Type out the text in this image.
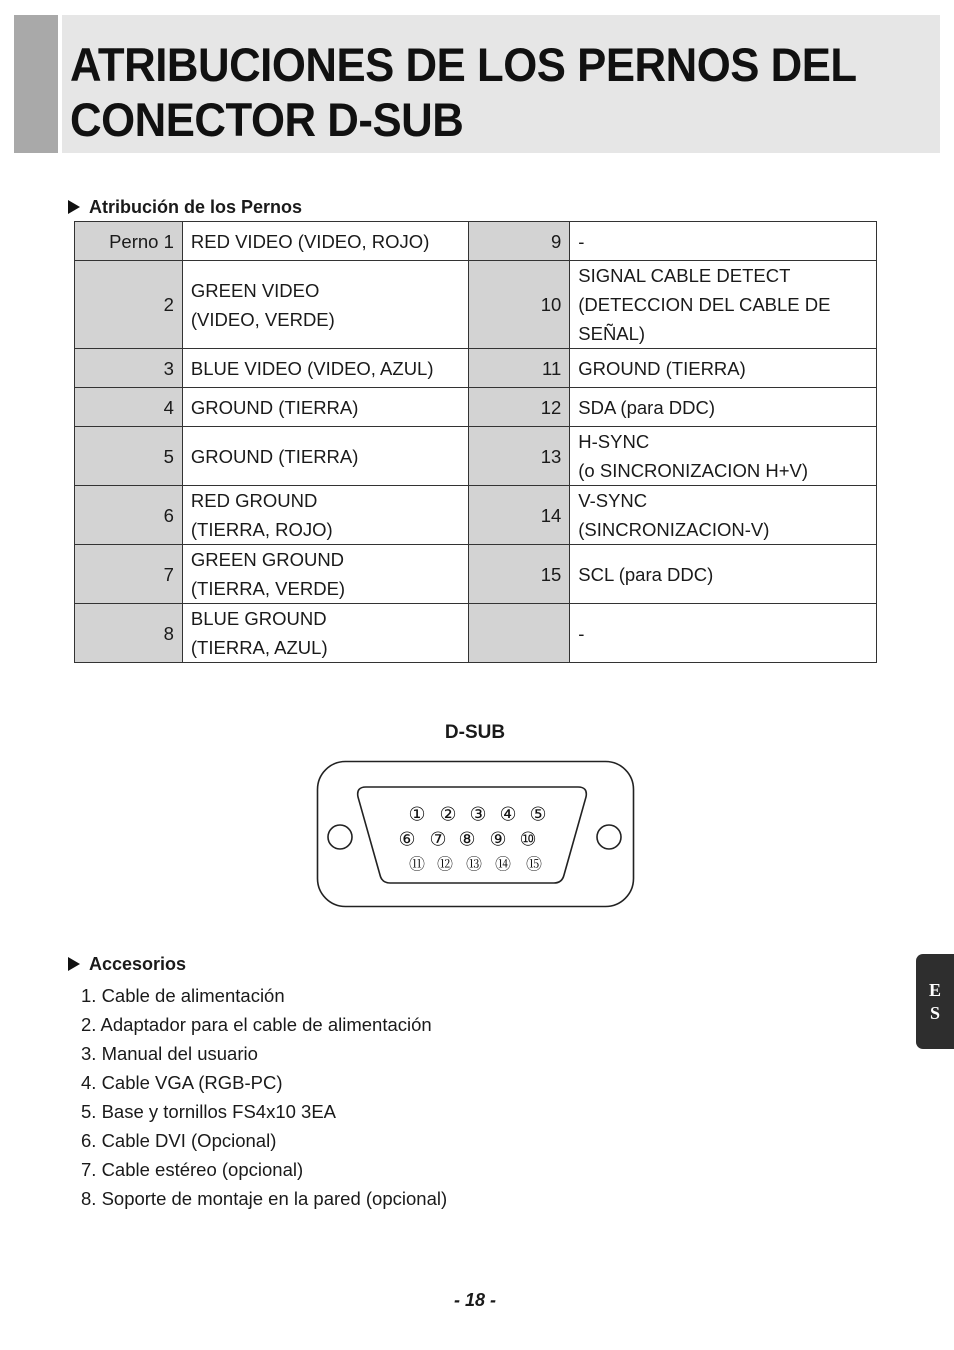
ATRIBUCIONES DE LOS PERNOS DEL
CONECTOR D-SUB
Atribución de los Pernos
Perno 1	RED VIDEO (VIDEO, ROJO)	9	-
2	GREEN VIDEO
(VIDEO, VERDE)	10	SIGNAL CABLE DETECT
(DETECCION DEL CABLE DE
SEÑAL)
3	BLUE VIDEO (VIDEO, AZUL)	11	GROUND (TIERRA)
4	GROUND (TIERRA)	12	SDA (para DDC)
5	GROUND (TIERRA)	13	H-SYNC
(o SINCRONIZACION H+V)
6	RED GROUND
(TIERRA, ROJO)	14	V-SYNC
(SINCRONIZACION-V)
7	GREEN GROUND
(TIERRA, VERDE)	15	SCL (para DDC)
8	BLUE GROUND
(TIERRA, AZUL)		-
D-SUB
① ② ③ ④ ⑤
⑥ ⑦ ⑧ ⑨ ⑩
⑪ ⑫ ⑬ ⑭ ⑮
Accesorios
1. Cable de alimentación
2. Adaptador para el cable de alimentación
3. Manual del usuario
4. Cable VGA (RGB-PC)
5. Base y tornillos FS4x10 3EA
6. Cable DVI (Opcional)
7. Cable estéreo (opcional)
8. Soporte de montaje en la pared (opcional)
E
S
- 18 -
